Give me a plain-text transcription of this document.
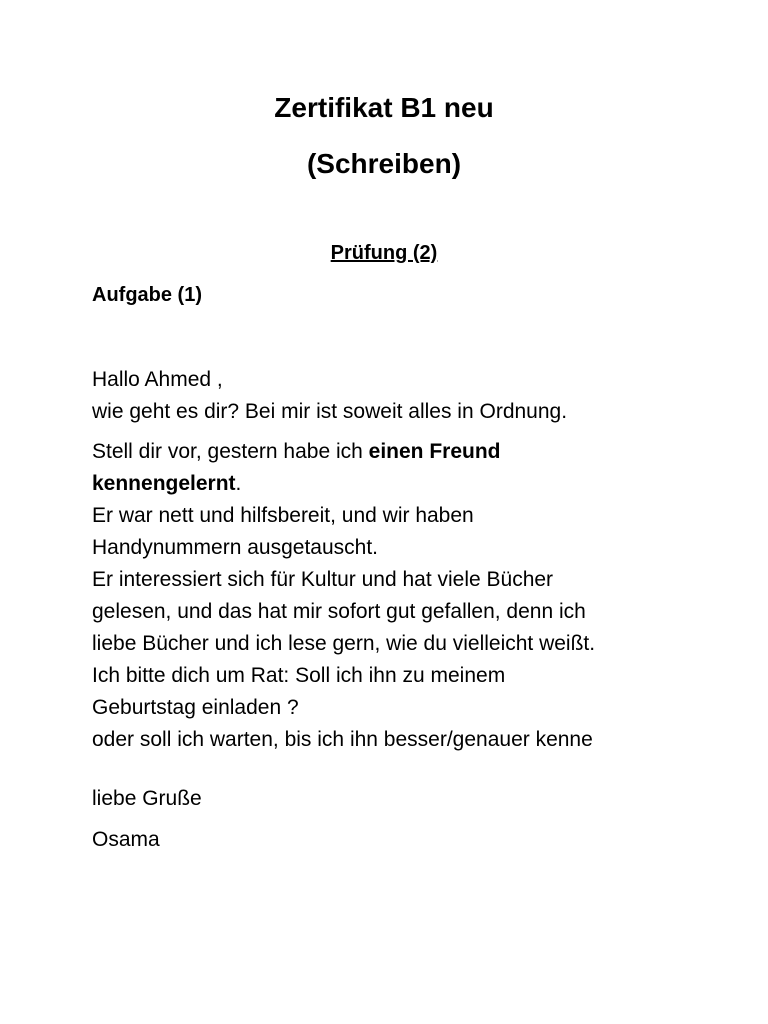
Zertifikat B1 neu
(Schreiben)
Prüfung (2)
Aufgabe (1)
Hallo Ahmed ,
wie geht es dir? Bei mir ist soweit alles in Ordnung.
Stell dir vor, gestern habe ich einen Freund
kennengelernt.
Er war nett und hilfsbereit, und wir haben
Handynummern ausgetauscht.
Er interessiert sich für Kultur und hat viele Bücher
gelesen, und das hat mir sofort gut gefallen, denn ich
liebe Bücher und ich lese gern, wie du vielleicht weißt.
Ich bitte dich um Rat: Soll ich ihn zu meinem
Geburtstag einladen ?
oder soll ich warten, bis ich ihn besser/genauer kenne

liebe Gruße

Osama
